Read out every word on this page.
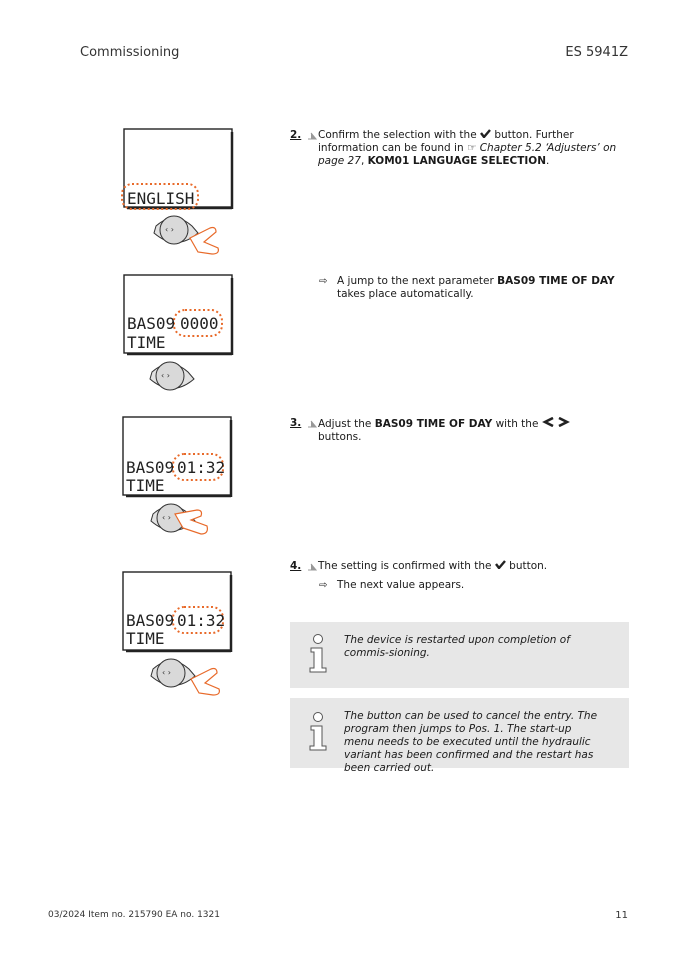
Commissioning	ES 5941Z
ENGLISH
‹ ›
BAS09 0000
TIME
‹ ›
BAS09 01:32
TIME
‹ ›
BAS09 01:32
TIME
‹ ›
2. Confirm the selection with the  button. Further information can be found in ☞ Chapter 5.2 ‘Adjusters’ on page 27, KOM01 LANGUAGE SELECTION.
⇨ A jump to the next parameter BAS09 TIME OF DAY takes place automatically.
3. Adjust the BAS09 TIME OF DAY with the  buttons.
4. The setting is confirmed with the  button.
⇨ The next value appears.
The device is restarted upon completion of commis-sioning.
The button can be used to cancel the entry. The program then jumps to Pos. 1. The start-up menu needs to be executed until the hydraulic variant has been confirmed and the restart has been carried out.
03/2024 Item no. 215790 EA no. 1321	11
